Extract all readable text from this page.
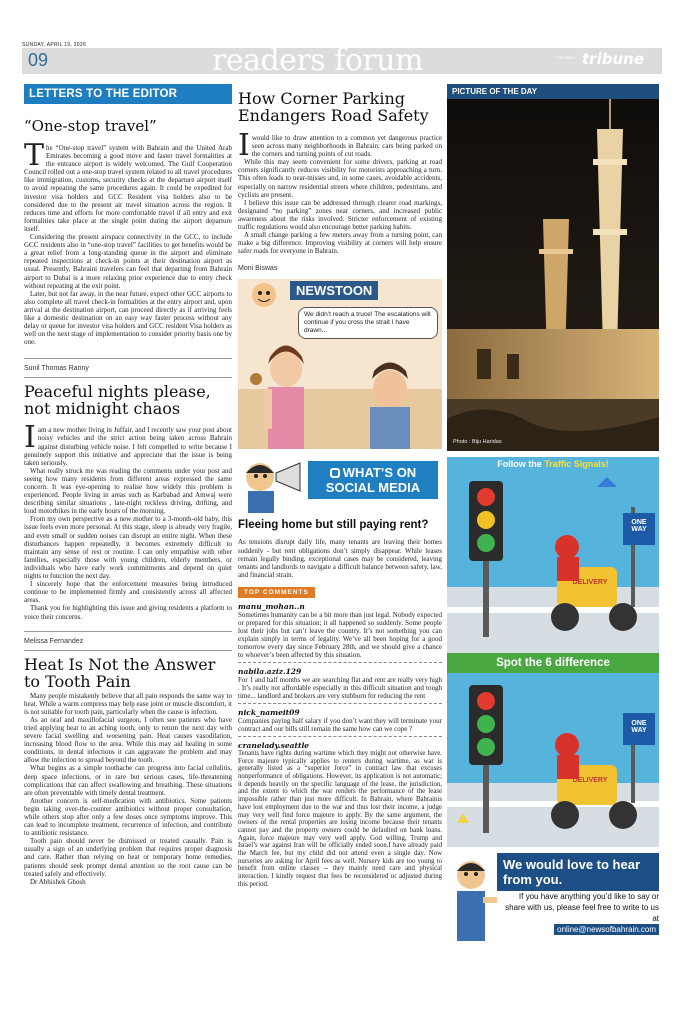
SUNDAY, APRIL 19, 2026
09	readers forum	THE DAILY tribune
LETTERS TO THE EDITOR
“One-stop travel”

The “One-stop travel” system with Bahrain and the United Arab Emirates becoming a good move and faster travel formalities at the entrance airport is widely welcomed. The Gulf Cooperation Council rolled out a one-stop travel system related to all travel procedures like immigration, customs, security checks at the departure airport itself to avoid repeating the same procedures again. It could be expedited for investor visa holders and GCC Resident visa holders also to be considered due to the present air travel situation across the region. It reduces time and efforts for more comfortable travel if all entry and exit formalities take place at the single point during the airport departure itself.

Considering the present airspace connectivity in the GCC, to include GCC residents also in “one-stop travel” facilities to get benefits would be a great relief from a long-standing queue in the airport and eliminate repeated inspections at check-in points at their destination airport as usual. Presently, Bahraini travelers can feel that departing from Bahrain airport to Dubai is a more relaxing prior experience due to entry check without repeating at the exit point.

Later, but not far away, in the near future, expect other GCC airports to also complete all travel check-in formalities at the entry airport and, upon arrival at the destination airport, can proceed directly as if arriving feels like a domestic destination on an easy way faster process without any delay or queue for investor visa holders and GCC resident Visa holders as well on the next stage of implementation to consider priority basis one by one.

Sunil Thomas Ranny
Peaceful nights please, not midnight chaos

I am a new mother living in Juffair, and I recently saw your post about noisy vehicles and the strict action being taken across Bahrain against disturbing vehicle noise. I felt compelled to write because I genuinely support this initiative and appreciate that the issue is being taken seriously.

What really struck me was reading the comments under your post and seeing how many residents from different areas expressed the same concern. It was eye-opening to realise how widely this problem is experienced. People living in areas such as Karbabad and Amwaj were describing similar situations , late-night reckless driving, drifting, and loud motorbikes in the early hours of the morning.

From my own perspective as a new mother to a 3-month-old baby, this issue feels even more personal. At this stage, sleep is already very fragile, and even small or sudden noises can disrupt an entire night. When these disturbances happen repeatedly, it becomes extremely difficult to maintain any sense of rest or routine. I can only empathise with other families, especially those with young children, elderly members, or individuals who have early work commitments and depend on quiet nights to function the next day.

I sincerely hope that the enforcement measures being introduced continue to be implemented firmly and consistently across all affected areas.

Thank you for highlighting this issue and giving residents a platform to voice their concerns.

Melissa Fernandez
Heat Is Not the Answer to Tooth Pain

Many people mistakenly believe that all pain responds the same way to heat. While a warm compress may help ease joint or muscle discomfort, it is not suitable for tooth pain, particularly when the cause is infection.

As an oral and maxillofacial surgeon, I often see patients who have tried applying heat to an aching tooth, only to return the next day with severe facial swelling and worsening pain. Heat causes vasodilation, increasing blood flow to the area. While this may aid healing in some conditions, in dental infections it can aggravate the problem and may allow the infection to spread beyond the tooth.

What begins as a simple toothache can progress into facial cellulitis, deep space infections, or in rare but serious cases, life-threatening complications that can affect swallowing and breathing. These situations are often preventable with timely dental treatment.

Another concern is self-medication with antibiotics. Some patients begin taking over-the-counter antibiotics without proper consultation, while others stop after only a few doses once symptoms improve. This can lead to incomplete treatment, recurrence of infection, and contribute to antibiotic resistance.

Tooth pain should never be dismissed or treated casually. Pain is usually a sign of an underlying problem that requires proper diagnosis and care. Rather than relying on heat or temporary home remedies, patients should seek prompt dental attention so the root cause can be treated safely and effectively.

Dr Abhishek Ghosh

How Corner Parking Endangers Road Safety

I would like to draw attention to a common yet dangerous practice seen across many neighborhoods in Bahrain: cars being parked on the corners and turning points of cut roads.

While this may seem convenient for some drivers, parking at road corners significantly reduces visibility for motorists approaching a turn. This often leads to near-misses and, in some cases, avoidable accidents, especially on narrow residential streets where children, pedestrians, and cyclists are present.

I believe this issue can be addressed through clearer road markings, designated “no parking” zones near corners, and increased public awareness about the risks involved. Stricter enforcement of existing traffic regulations would also encourage better parking habits.

A small change parking a few meters away from a turning point, can make a big difference. Improving visibility at corners will help ensure safer roads for everyone in Bahrain.

Moni Biswas
NEWSTOON
We didn’t reach a truce! The escalations will continue if you cross the strait I have drawn...
WHAT’S ON
SOCIAL MEDIA
Fleeing home but still paying rent?
As tensions disrupt daily life, many tenants are leaving their homes suddenly - but rent obligations don’t simply disappear. While leases remain legally binding, exceptional cases may be considered, leaving tenants and landlords to navigate a difficult balance between safety, law, and financial strain.
TOP COMMENTS
manu_mohan..n
Sometimes humanity can be a bit more than just legal. Nobody expected or prepared for this situation; it all happened so suddenly. Some people lost their jobs but can’t leave the country. It’s not something you can explain simply in terms of legality. We’ve all been hoping for a good tomorrow every day since February 28th, and we should give a chance to whoever’s been affected by this situation.
nabila.aziz.129
For 1 and half months we are searching flat and rent are really very high . It’s really not affordable especially in this difficult situation and tough time... landlord and brokers are very stubborn for reducing the rent
nick_nameit09
Companies paying half salary if you don’t want they will terminate your contract and our bills still remain the same how can we cope ?
cranelady.seattle
Tenants have rights during wartime which they might not otherwise have. Force majeure typically applies to renters during wartime, as war is generally listed as a “superior force” in contract law that excuses nonperformance of obligations. However, its application is not automatic; it depends heavily on the specific language of the lease, the jurisdiction, and the extent to which the war renders the performance of the lease impossible rather than just more difficult. In Bahrain, where Bahrainis have lost employment due to the war and thus lost their income, a judge may very well find force majeure to apply. By the same argument, the owners of the rental properties are losing income because their tenants cannot pay and the property owners could be defaulted on bank loans. Again, force majeure may very well apply. God willing, Trump and Israel’s war against Iran will be officially ended soon.I have already paid the March fee, but my child did not attend even a single day. Now nurseries are asking for April fees as well. Nursery kids are too young to benefit from online classes -- they mainly need care and physical interaction. I kindly request that fees be reconsidered or adjusted during this period.
PICTURE OF THE DAY
Photo : Biju Haridas
Follow the Traffic Signals!
ONE WAY
DELIVERY
Spot the 6 difference
ONE WAY
DELIVERY
We would love to hear from you.
If you have anything you’d like to say or share with us, please feel free to write to us at
online@newsofbahrain.com
